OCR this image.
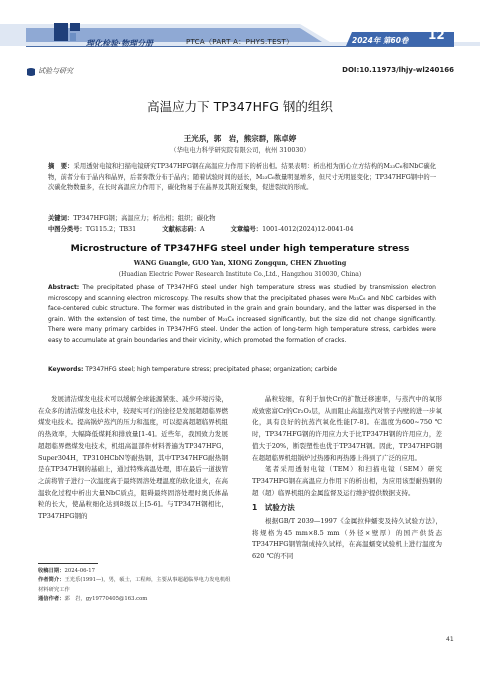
理化检验·物理分册	PTCA（PART A：PHYS.TEST）	2024年 第60卷 12
试验与研究	DOI:10.11973/lhjy-wl240166
高温应力下 TP347HFG 钢的组织
王光乐，郭　岩，熊宗群，陈卓婷
（华电电力科学研究院有限公司，杭州 310030）
摘　要：采用透射电镜和扫描电镜研究TP347HFG钢在高温应力作用下的析出相。结果表明：析出相为面心立方结构的M₂₃C₆和NbC碳化物，前者分布于晶内和晶界，后者弥散分布于晶内；随着试验时间的延长，M₂₃C₆数量明显增多，但尺寸无明显变化；TP347HFG钢中的一次碳化物数量多，在长时高温应力作用下，碳化物易于在晶界及其附近聚集，促进裂纹的形成。
关键词：TP347HFG钢；高温应力；析出相；组织；碳化物
中图分类号：TG115.2；TB31	文献标志码：A	文章编号：1001-4012(2024)12-0041-04
Microstructure of TP347HFG steel under high temperature stress
WANG Guangle, GUO Yan, XIONG Zongqun, CHEN Zhuoting
(Huadian Electric Power Research Institute Co.,Ltd., Hangzhou 310030, China)
Abstract: The precipitated phase of TP347HFG steel under high temperature stress was studied by transmission electron microscopy and scanning electron microscopy. The results show that the precipitated phases were M₂₃C₆ and NbC carbides with face-centered cubic structure. The former was distributed in the grain and grain boundary, and the latter was dispersed in the grain. With the extension of test time, the number of M₂₃C₆ increased significantly, but the size did not change significantly. There were many primary carbides in TP347HFG steel. Under the action of long-term high temperature stress, carbides were easy to accumulate at grain boundaries and their vicinity, which promoted the formation of cracks.
Keywords: TP347HFG steel; high temperature stress; precipitated phase; organization; carbide

发展清洁煤发电技术可以缓解全球能源紧张、减少环境污染，在众多的清洁煤发电技术中，较现实可行的途径是发展超超临界燃煤发电技术。提高锅炉蒸汽的压力和温度，可以提高超超临界机组的热效率，大幅降低煤耗和排放量[1-4]。近些年，我国致力发展超超临界燃煤发电技术，机组高温部件材料普遍为TP347HFG，Super304H，TP310HCbN等耐热钢，其中TP347HFG耐热钢是在TP347H钢的基础上，通过特殊高温处理，即在最后一道拔管之前将管子进行一次温度高于最终固溶处理温度的软化退火，在高温软化过程中析出大量NbC质点，阻碍最终固溶处理时奥氏体晶粒的长大，使晶粒细化达到8级以上[5-6]。与TP347H钢相比，TP347HFG钢的

晶粒较细，有利于加快Cr的扩散迁移速率，与蒸汽中的氧形成致密富Cr的Cr₂O₃层，从而阻止高温蒸汽对管子内壁的进一步氧化，具有良好的抗蒸汽氧化性能[7-8]。在温度为600~750 ℃时，TP347HFG钢的许用应力大于比TP347H钢的许用应力，差值大于20%，断裂塑性也优于TP347H钢。因此，TP347HFG钢在超超临界机组锅炉过热器和再热器上得到了广泛的应用。

笔者采用透射电镜（TEM）和扫描电镜（SEM）研究TP347HFG钢在高温应力作用下的析出相，为应用该型耐热钢的超（超）临界机组的金属监督及运行维护提供数据支持。

1　试验方法

根据GB/T 2039—1997《金属拉伸蠕变及持久试验方法》，将规格为45 mm×8.5 mm（外径×壁厚）的国产供货态TP347HFG钢管制成持久试样，在高温蠕变试验机上进行温度为620 ℃的不同

收稿日期：2024-06-17
作者简介：王光乐(1991—)，男，硕士，工程师，主要从事超超临界电力发电机组材料研究工作
通信作者：郭　岩，gy19770405@163.com
41
